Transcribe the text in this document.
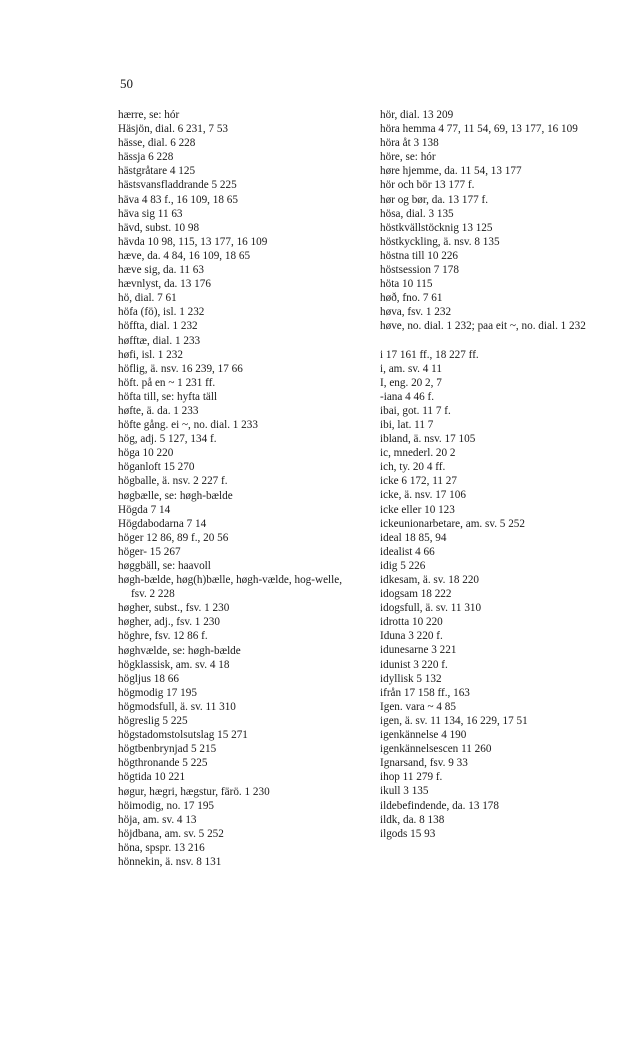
50
hærre, se: hór
Häsjön, dial. 6 231, 7 53
hässe, dial. 6 228
hässja 6 228
hästgråtare 4 125
hästsvansfladdrande 5 225
häva 4 83 f., 16 109, 18 65
häva sig 11 63
hävd, subst. 10 98
hävda 10 98, 115, 13 177, 16 109
hæve, da. 4 84, 16 109, 18 65
hæve sig, da. 11 63
hævnlyst, da. 13 176
hö, dial. 7 61
höfa (fö), isl. 1 232
höffta, dial. 1 232
høfftæ, dial. 1 233
høfi, isl. 1 232
höflig, ä. nsv. 16 239, 17 66
höft. på en ~ 1 231 ff.
höfta till, se: hyfta täll
høfte, ä. da. 1 233
höfte gång. ei ~, no. dial. 1 233
hög, adj. 5 127, 134 f.
höga 10 220
höganloft 15 270
högballe, ä. nsv. 2 227 f.
høgbælle, se: høgh-bælde
Högda 7 14
Högdabodarna 7 14
höger 12 86, 89 f., 20 56
höger- 15 267
høggbäll, se: haavoll
høgh-bælde, høg(h)bælle, høgh-vælde, hog-welle, fsv. 2 228
høgher, subst., fsv. 1 230
høgher, adj., fsv. 1 230
höghre, fsv. 12 86 f.
høghvælde, se: høgh-bælde
högklassisk, am. sv. 4 18
högljus 18 66
högmodig 17 195
högmodsfull, ä. sv. 11 310
högreslig 5 225
högstadomstolsutslag 15 271
högtbenbrynjad 5 215
högthronande 5 225
högtida 10 221
høgur, hægri, hægstur, färö. 1 230
höimodig, no. 17 195
höja, am. sv. 4 13
höjdbana, am. sv. 5 252
höna, spspr. 13 216
hönnekin, ä. nsv. 8 131
hör, dial. 13 209
höra hemma 4 77, 11 54, 69, 13 177, 16 109
höra åt 3 138
höre, se: hór
høre hjemme, da. 11 54, 13 177
hör och bör 13 177 f.
hør og bør, da. 13 177 f.
hösa, dial. 3 135
höstkvällstöcknig 13 125
höstkyckling, ä. nsv. 8 135
höstna till 10 226
höstsession 7 178
höta 10 115
høð, fno. 7 61
høva, fsv. 1 232
høve, no. dial. 1 232; paa eit ~, no. dial. 1 232
i 17 161 ff., 18 227 ff.
i, am. sv. 4 11
I, eng. 20 2, 7
-iana 4 46 f.
ibai, got. 11 7 f.
ibi, lat. 11 7
ibland, ä. nsv. 17 105
ic, mnederl. 20 2
ich, ty. 20 4 ff.
icke 6 172, 11 27
icke, ä. nsv. 17 106
icke eller 10 123
ickeunionarbetare, am. sv. 5 252
ideal 18 85, 94
idealist 4 66
idig 5 226
idkesam, ä. sv. 18 220
idogsam 18 222
idogsfull, ä. sv. 11 310
idrotta 10 220
Iduna 3 220 f.
idunesarne 3 221
idunist 3 220 f.
idyllisk 5 132
ifrån 17 158 ff., 163
Igen. vara ~ 4 85
igen, ä. sv. 11 134, 16 229, 17 51
igenkännelse 4 190
igenkännelsescen 11 260
Ignarsand, fsv. 9 33
ihop 11 279 f.
ikull 3 135
ildebefindende, da. 13 178
ildk, da. 8 138
ilgods 15 93
